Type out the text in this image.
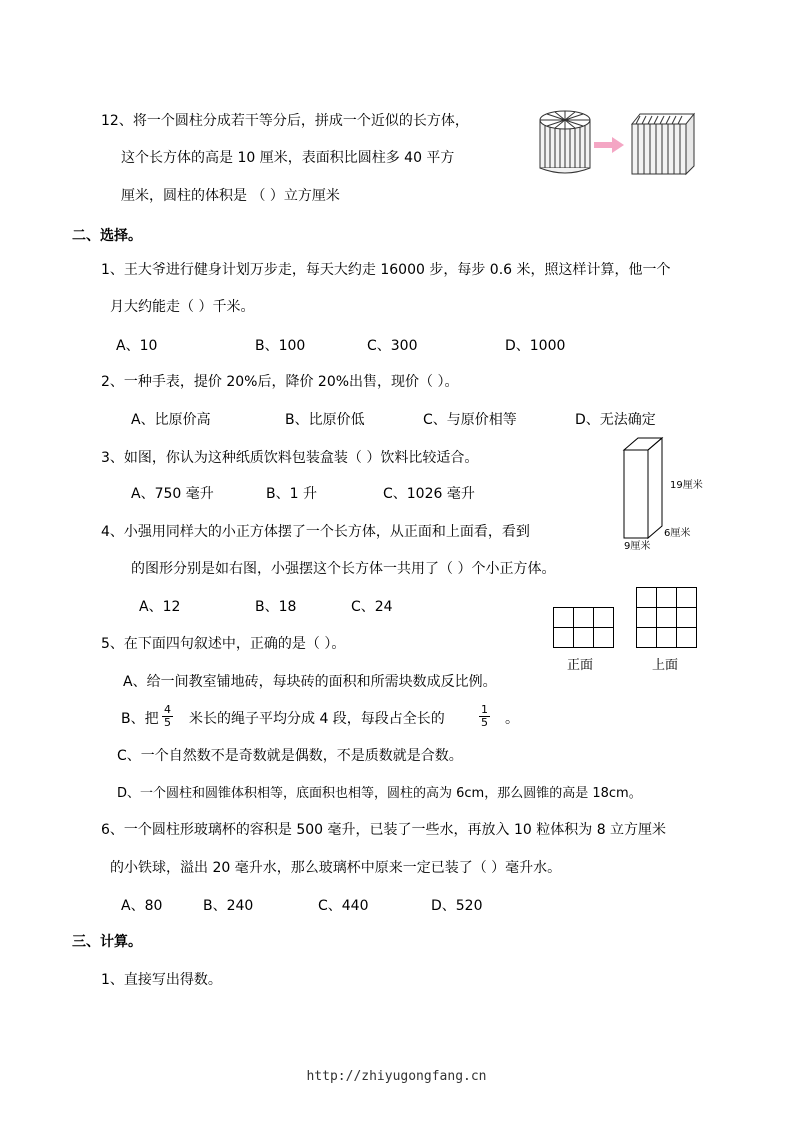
12、将一个圆柱分成若干等分后，拼成一个近似的长方体，
这个长方体的高是 10 厘米，表面积比圆柱多 40 平方
厘米，圆柱的体积是 （ ）立方厘米
二、选择。
1、王大爷进行健身计划万步走，每天大约走 16000 步，每步 0.6 米，照这样计算，他一个
月大约能走（ ）千米。
A、10	B、100	C、300	D、1000
2、一种手表，提价 20%后，降价 20%出售，现价（ ）。
A、比原价高	B、比原价低	C、与原价相等	D、无法确定
3、如图，你认为这种纸质饮料包装盒装（ ）饮料比较适合。
A、750 毫升	B、1 升	C、1026 毫升
19厘米
6厘米
9厘米
4、小强用同样大的小正方体摆了一个长方体，从正面和上面看，看到
的图形分别是如右图，小强摆这个长方体一共用了（ ）个小正方体。
A、12	B、18	C、24
正面	上面
5、在下面四句叙述中，正确的是（ ）。
A、给一间教室铺地砖，每块砖的面积和所需块数成反比例。
B、把 $\frac{4}{5}$ 米长的绳子平均分成 4 段，每段占全长的	$\frac{1}{5}$ 。
C、一个自然数不是奇数就是偶数，不是质数就是合数。
D、一个圆柱和圆锥体积相等，底面积也相等，圆柱的高为 6cm，那么圆锥的高是 18cm。
6、一个圆柱形玻璃杯的容积是 500 毫升，已装了一些水，再放入 10 粒体积为 8 立方厘米
的小铁球，溢出 20 毫升水，那么玻璃杯中原来一定已装了（ ）毫升水。
A、80	B、240	C、440	D、520
三、计算。
1、直接写出得数。
http://zhiyugongfang.cn
